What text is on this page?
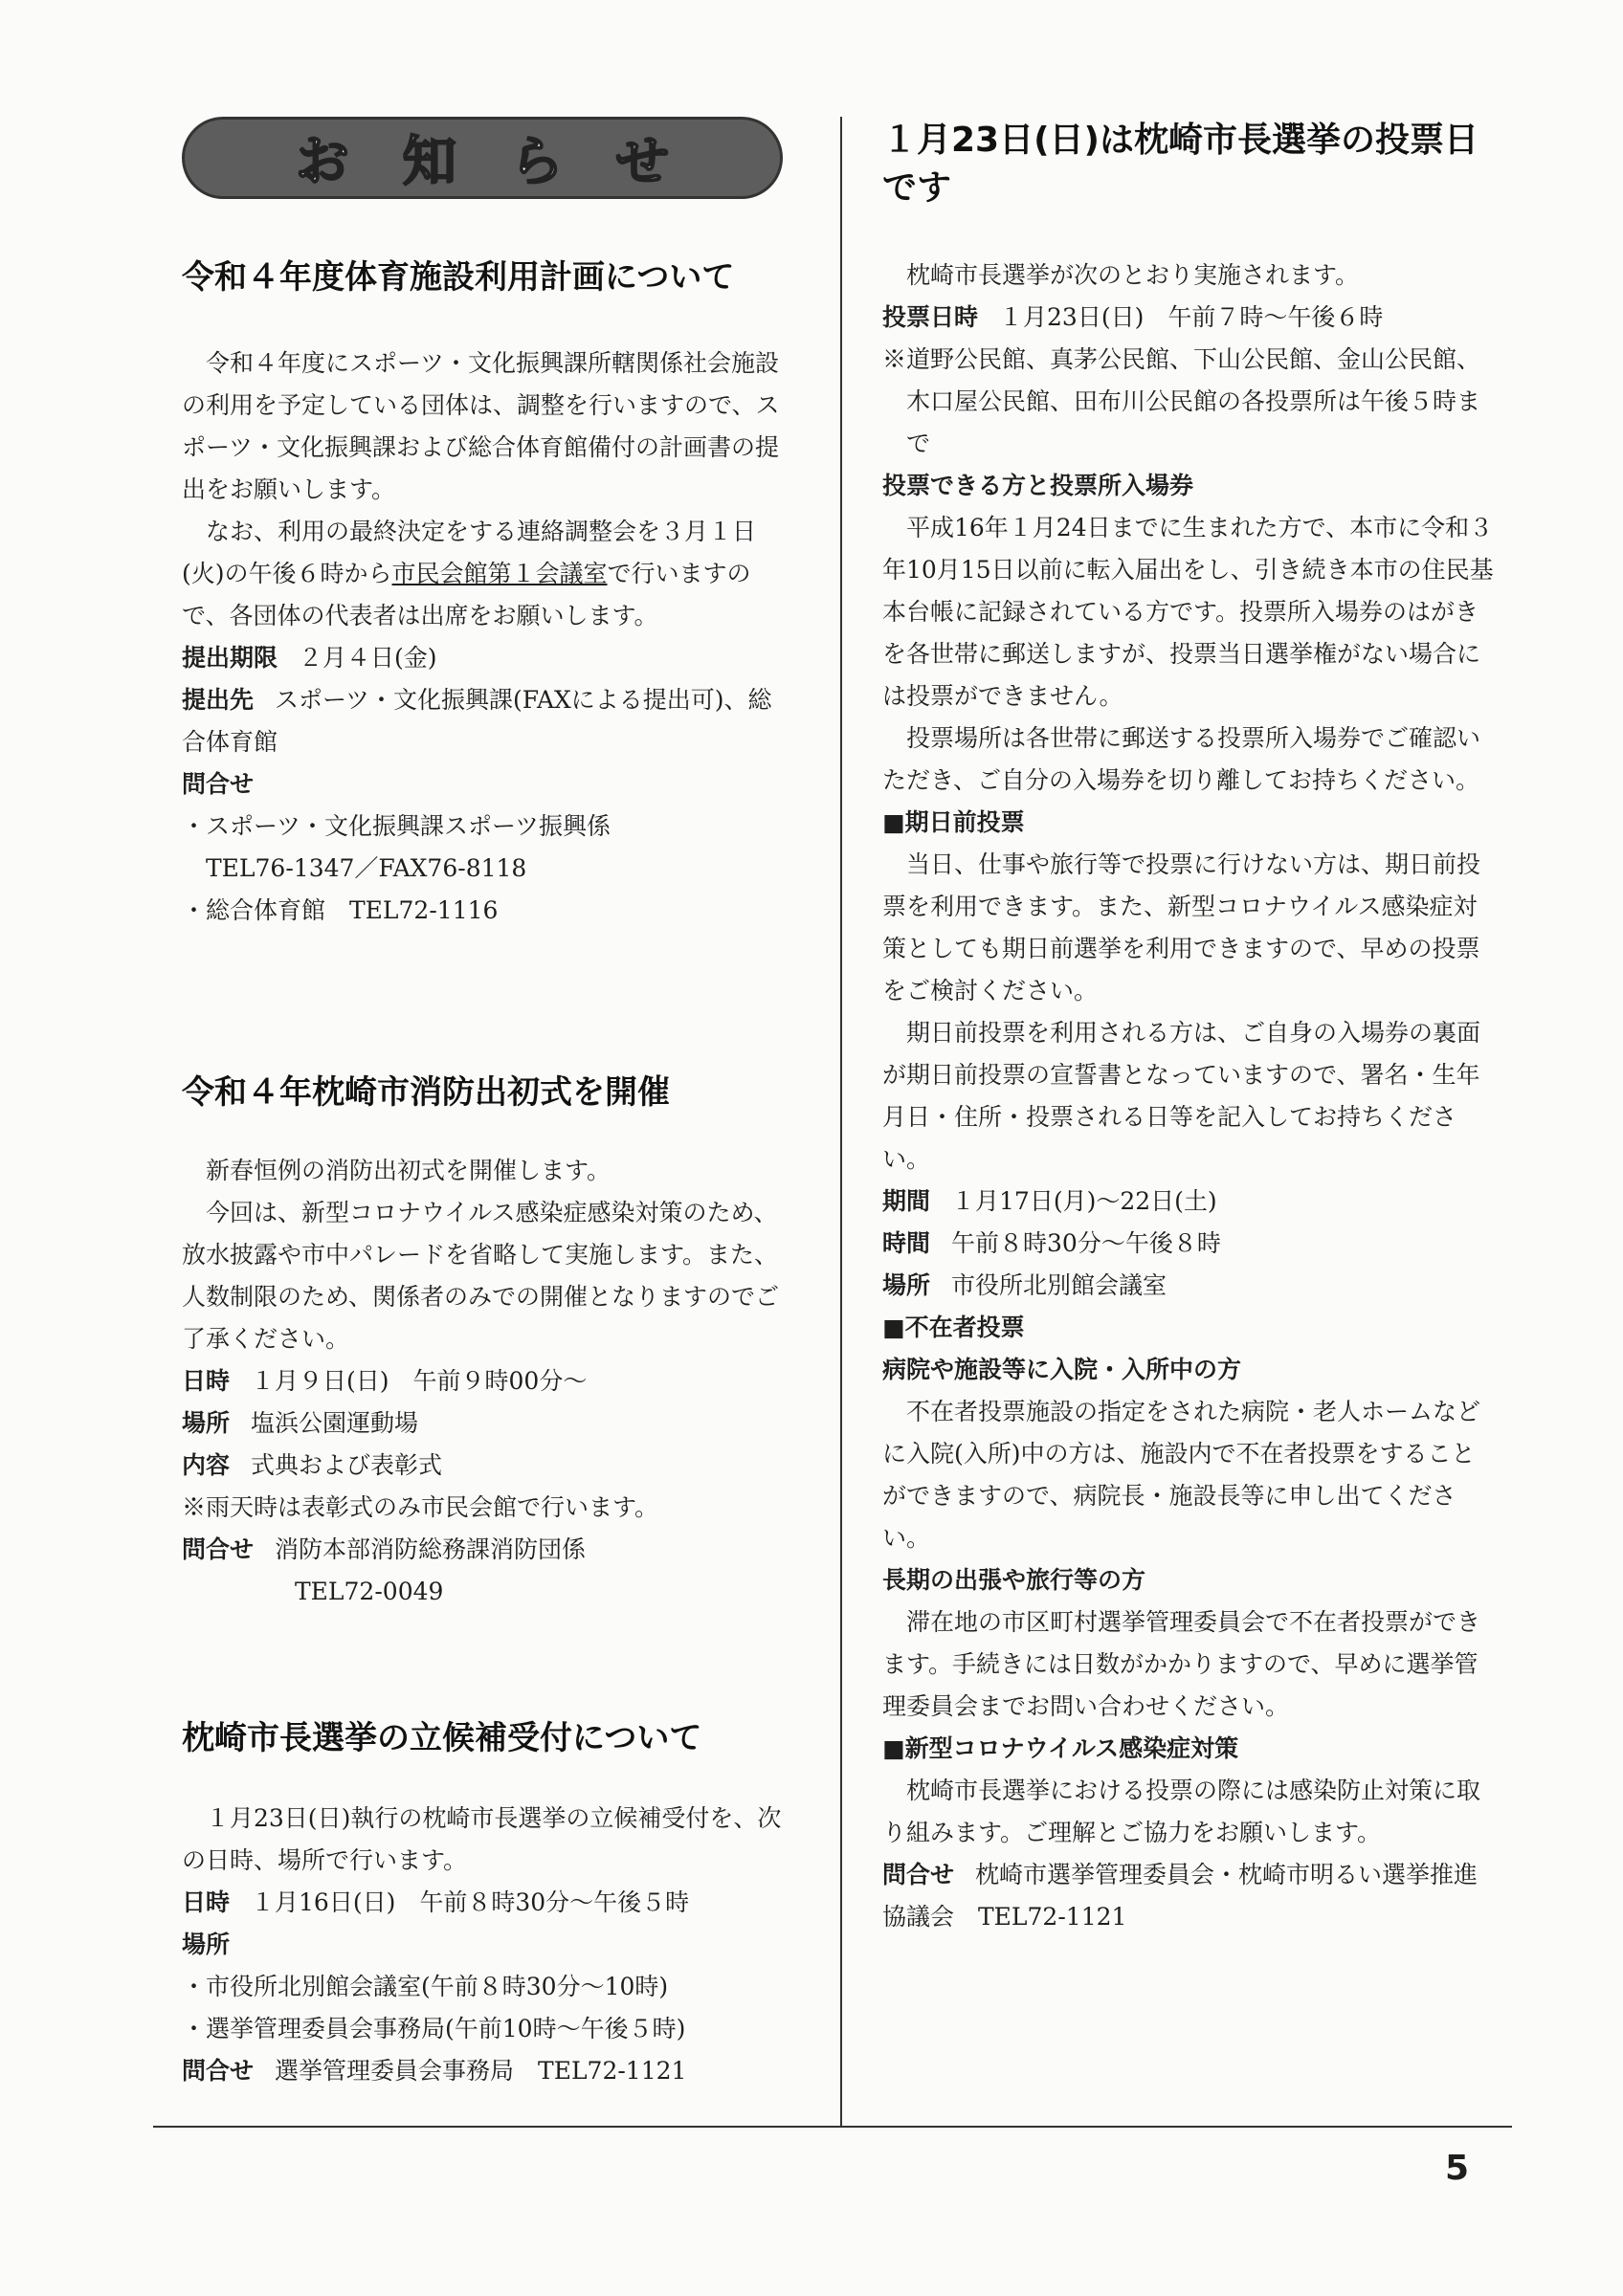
お知らせ
令和４年度体育施設利用計画について

令和４年度にスポーツ・文化振興課所轄関係社会施設の利用を予定している団体は、調整を行いますので、スポーツ・文化振興課および総合体育館備付の計画書の提出をお願いします。

なお、利用の最終決定をする連絡調整会を３月１日(火)の午後６時から市民会館第１会議室で行いますので、各団体の代表者は出席をお願いします。

提出期限 ２月４日(金)

提出先 スポーツ・文化振興課(FAXによる提出可)、総合体育館

問合せ

・スポーツ・文化振興課スポーツ振興係

TEL76-1347／FAX76-8118

・総合体育館　TEL72-1116

令和４年枕崎市消防出初式を開催

新春恒例の消防出初式を開催します。

今回は、新型コロナウイルス感染症感染対策のため、放水披露や市中パレードを省略して実施します。また、人数制限のため、関係者のみでの開催となりますのでご了承ください。

日時 １月９日(日)　午前９時00分～

場所 塩浜公園運動場

内容 式典および表彰式

※雨天時は表彰式のみ市民会館で行います。

問合せ 消防本部消防総務課消防団係

TEL72-0049

枕崎市長選挙の立候補受付について

１月23日(日)執行の枕崎市長選挙の立候補受付を、次の日時、場所で行います。

日時 １月16日(日)　午前８時30分～午後５時

場所

・市役所北別館会議室(午前８時30分～10時)

・選挙管理委員会事務局(午前10時～午後５時)

問合せ 選挙管理委員会事務局　TEL72-1121

１月23日(日)は枕崎市長選挙の投票日です

枕崎市長選挙が次のとおり実施されます。

投票日時 １月23日(日)　午前７時～午後６時

※道野公民館、真茅公民館、下山公民館、金山公民館、木口屋公民館、田布川公民館の各投票所は午後５時まで

投票できる方と投票所入場券

平成16年１月24日までに生まれた方で、本市に令和３年10月15日以前に転入届出をし、引き続き本市の住民基本台帳に記録されている方です。投票所入場券のはがきを各世帯に郵送しますが、投票当日選挙権がない場合には投票ができません。

投票場所は各世帯に郵送する投票所入場券でご確認いただき、ご自分の入場券を切り離してお持ちください。

■期日前投票

当日、仕事や旅行等で投票に行けない方は、期日前投票を利用できます。また、新型コロナウイルス感染症対策としても期日前選挙を利用できますので、早めの投票をご検討ください。

期日前投票を利用される方は、ご自身の入場券の裏面が期日前投票の宣誓書となっていますので、署名・生年月日・住所・投票される日等を記入してお持ちください。

期間 １月17日(月)～22日(土)

時間 午前８時30分～午後８時

場所 市役所北別館会議室

■不在者投票

病院や施設等に入院・入所中の方

不在者投票施設の指定をされた病院・老人ホームなどに入院(入所)中の方は、施設内で不在者投票をすることができますので、病院長・施設長等に申し出てください。

長期の出張や旅行等の方

滞在地の市区町村選挙管理委員会で不在者投票ができます。手続きには日数がかかりますので、早めに選挙管理委員会までお問い合わせください。

■新型コロナウイルス感染症対策

枕崎市長選挙における投票の際には感染防止対策に取り組みます。ご理解とご協力をお願いします。

問合せ 枕崎市選挙管理委員会・枕崎市明るい選挙推進協議会　TEL72-1121

5
